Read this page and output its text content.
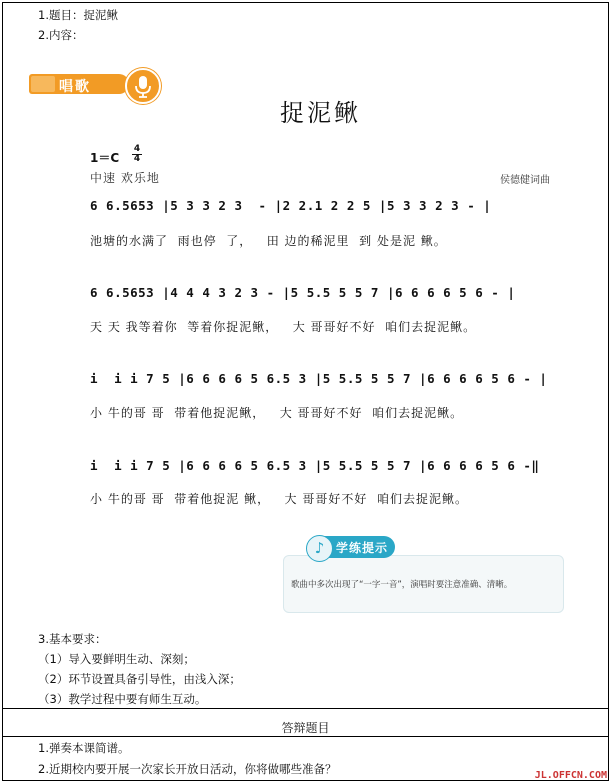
1.题目：捉泥鳅
2.内容：
唱歌
捉泥鳅
1＝C
4
4
中速 欢乐地	侯德健词曲
6 6.5653 |5 3 3 2 3  - |2 2.1 2 2 5 |5 3 3 2 3 - |
池塘的水满了  雨也停  了，   田 边的稀泥里  到 处是泥 鳅。
6 6.5653 |4 4 4 3 2 3 - |5 5.5 5 5 7 |6 6 6 6 5 6 - |
天 天 我等着你  等着你捉泥鳅，   大 哥哥好不好  咱们去捉泥鳅。
i  i i 7 5 |6 6 6 6 5 6.5 3 |5 5.5 5 5 7 |6 6 6 6 5 6 - |
小 牛的哥 哥  带着他捉泥鳅，   大 哥哥好不好  咱们去捉泥鳅。
i  i i 7 5 |6 6 6 6 5 6.5 3 |5 5.5 5 5 7 |6 6 6 6 5 6 -‖
小 牛的哥 哥  带着他捉泥 鳅，   大 哥哥好不好  咱们去捉泥鳅。
♪ 学练提示
歌曲中多次出现了“一字一音”，演唱时要注意准确、清晰。
3.基本要求：
（1）导入要鲜明生动、深刻；
（2）环节设置具备引导性，由浅入深；
（3）教学过程中要有师生互动。
答辩题目
1.弹奏本课简谱。
2.近期校内要开展一次家长开放日活动，你将做哪些准备？	JL.OFFCN.COM
